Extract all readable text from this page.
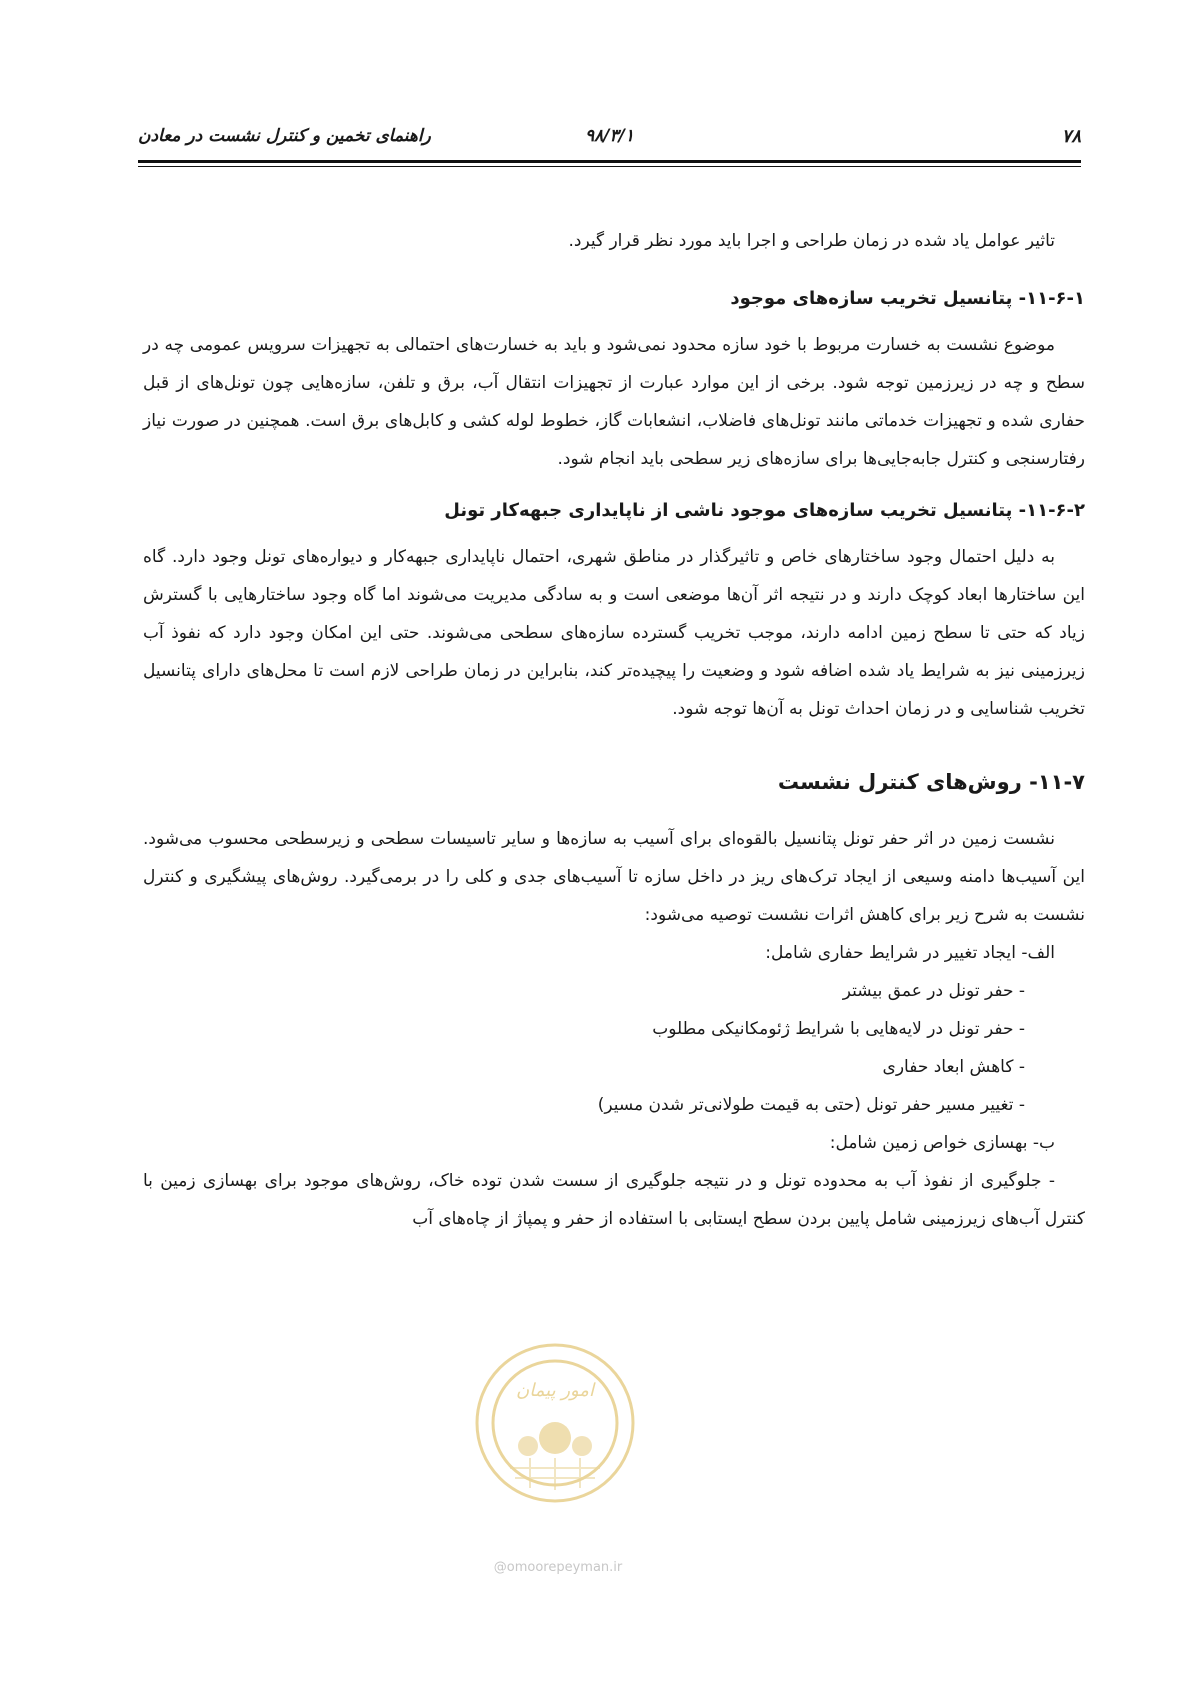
راهنمای تخمین و کنترل نشست در معادن	۹۸/۳/۱	۷۸

تاثیر عوامل یاد شده در زمان طراحی و اجرا باید مورد نظر قرار گیرد.

۱۱-۶-۱- پتانسیل تخریب سازه‌های موجود

موضوع نشست به خسارت مربوط با خود سازه محدود نمی‌شود و باید به خسارت‌های احتمالی به تجهیزات سرویس عمومی چه در سطح و چه در زیرزمین توجه شود. برخی از این موارد عبارت از تجهیزات انتقال آب، برق و تلفن، سازه‌هایی چون تونل‌های از قبل حفاری شده و تجهیزات خدماتی مانند تونل‌های فاضلاب، انشعابات گاز، خطوط لوله کشی و کابل‌های برق است. همچنین در صورت نیاز رفتارسنجی و کنترل جابه‌جایی‌ها برای سازه‌های زیر سطحی باید انجام شود.

۱۱-۶-۲- پتانسیل تخریب سازه‌های موجود ناشی از ناپایداری جبهه‌کار تونل

به دلیل احتمال وجود ساختارهای خاص و تاثیرگذار در مناطق شهری، احتمال ناپایداری جبهه‌کار و دیواره‌های تونل وجود دارد. گاه این ساختارها ابعاد کوچک دارند و در نتیجه اثر آن‌ها موضعی است و به سادگی مدیریت می‌شوند اما گاه وجود ساختارهایی با گسترش زیاد که حتی تا سطح زمین ادامه دارند، موجب تخریب گسترده سازه‌های سطحی می‌شوند. حتی این امکان وجود دارد که نفوذ آب زیرزمینی نیز به شرایط یاد شده اضافه شود و وضعیت را پیچیده‌تر کند، بنابراین در زمان طراحی لازم است تا محل‌های دارای پتانسیل تخریب شناسایی و در زمان احداث تونل به آن‌ها توجه شود.

۱۱-۷- روش‌های کنترل نشست

نشست زمین در اثر حفر تونل پتانسیل بالقوه‌ای برای آسیب به سازه‌ها و سایر تاسیسات سطحی و زیرسطحی محسوب می‌شود. این آسیب‌ها دامنه وسیعی از ایجاد ترک‌های ریز در داخل سازه تا آسیب‌های جدی و کلی را در برمی‌گیرد. روش‌های پیشگیری و کنترل نشست به شرح زیر برای کاهش اثرات نشست توصیه می‌شود:

الف- ایجاد تغییر در شرایط حفاری شامل:

- حفر تونل در عمق بیشتر

- حفر تونل در لایه‌هایی با شرایط ژئومکانیکی مطلوب

- کاهش ابعاد حفاری

- تغییر مسیر حفر تونل (حتی به قیمت طولانی‌تر شدن مسیر)

ب- بهسازی خواص زمین شامل:

- جلوگیری از نفوذ آب به محدوده تونل و در نتیجه جلوگیری از سست شدن توده خاک، روش‌های موجود برای بهسازی زمین با کنترل آب‌های زیرزمینی شامل پایین بردن سطح ایستابی با استفاده از حفر و پمپاژ از چاه‌های آب

امور پیمان
@omoorepeyman.ir
